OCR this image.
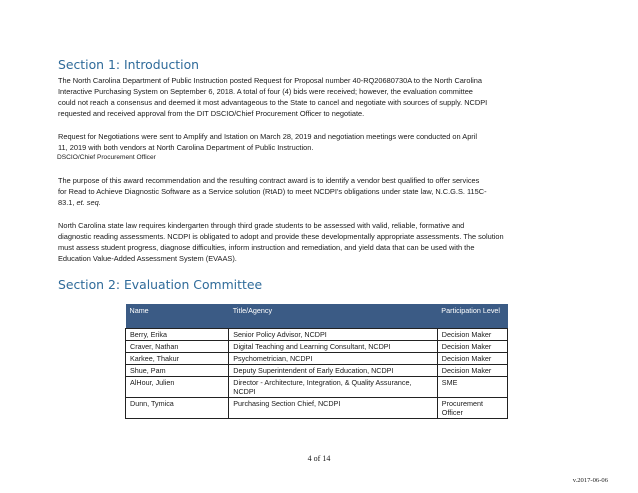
Section 1: Introduction
The North Carolina Department of Public Instruction posted Request for Proposal number 40-RQ20680730A to the North Carolina
Interactive Purchasing System on September 6, 2018. A total of four (4) bids were received; however, the evaluation committee
could not reach a consensus and deemed it most advantageous to the State to cancel and negotiate with sources of supply. NCDPI
requested and received approval from the DIT DSCIO/Chief Procurement Officer to negotiate.
Request for Negotiations were sent to Amplify and Istation on March 28, 2019 and negotiation meetings were conducted on April
11, 2019 with both vendors at North Carolina Department of Public Instruction.
DSCIO/Chief Procurement Officer
The purpose of this award recommendation and the resulting contract award is to identify a vendor best qualified to offer services
for Read to Achieve Diagnostic Software as a Service solution (RtAD) to meet NCDPI’s obligations under state law, N.C.G.S. 115C-
83.1, et. seq.
North Carolina state law requires kindergarten through third grade students to be assessed with valid, reliable, formative and
diagnostic reading assessments. NCDPI is obligated to adopt and provide these developmentally appropriate assessments. The solution
must assess student progress, diagnose difficulties, inform instruction and remediation, and yield data that can be used with the
Education Value-Added Assessment System (EVAAS).
Section 2: Evaluation Committee
Name	Title/Agency	Participation Level
Berry, Erika	Senior Policy Advisor, NCDPI	Decision Maker
Craver, Nathan	Digital Teaching and Learning Consultant, NCDPI	Decision Maker
Karkee, Thakur	Psychometrician, NCDPI	Decision Maker
Shue, Pam	Deputy Superintendent of Early Education, NCDPI	Decision Maker
AlHour, Julien	Director - Architecture, Integration, & Quality Assurance, NCDPI	SME
Dunn, Tymica	Purchasing Section Chief, NCDPI	Procurement Officer
4 of 14
v.2017-06-06
